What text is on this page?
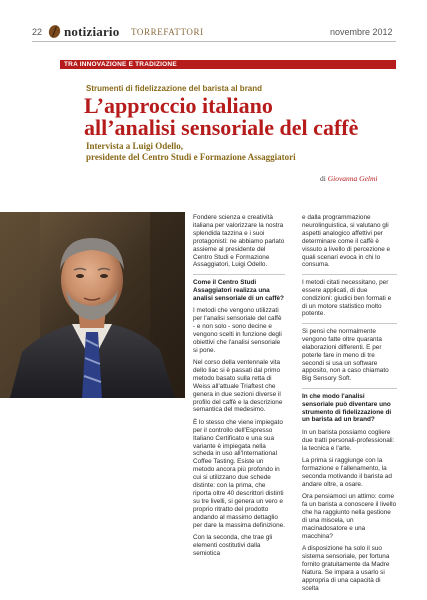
22 notiziario TORREFATTORI	novembre 2012
TRA INNOVAZIONE E TRADIZIONE
Strumenti di fidelizzazione del barista al brand
L’approccio italiano
all’analisi sensoriale del caffè
Intervista a Luigi Odello,
presidente del Centro Studi e Formazione Assaggiatori
di Giovanna Gelmi

Fondere scienza e creatività italiana per valorizzare la nostra splendida tazzina e i suoi protagonisti: ne abbiamo parlato assieme al presidente del Centro Studi e Formazione Assaggiatori, Luigi Odello.

Come il Centro Studi Assaggiatori realizza una analisi sensoriale di un caffè?

I metodi che vengono utilizzati per l'analisi sensoriale del caffè - e non solo - sono decine e vengono scelti in funzione degli obiettivi che l'analisi sensoriale si pone.

Nel corso della ventennale vita dello Iiac si è passati dal primo metodo basato sulla retta di Weiss all'attuale Triaftest che genera in due sezioni diverse il profilo del caffè e la descrizione semantica del medesimo.

È lo stesso che viene impiegato per il controllo dell'Espresso Italiano Certificato e una sua variante è impiegata nella scheda in uso all'International Coffee Tasting. Esiste un metodo ancora più profondo in cui si utilizzano due schede distinte: con la prima, che riporta oltre 40 descrittori distinti su tre livelli, si genera un vero e proprio ritratto del prodotto andando al massimo dettaglio per dare la massima definizione.

Con la seconda, che trae gli elementi costitutivi dalla semiotica

e dalla programmazione neurolinguistica, si valutano gli aspetti analogico affettivi per determinare come il caffè è vissuto a livello di percezione e quali scenari evoca in chi lo consuma.

I metodi citati necessitano, per essere applicati, di due condizioni: giudici ben formati e di un motore statistico molto potente.

Si pensi che normalmente vengono fatte oltre quaranta elaborazioni differenti. E per poterle fare in meno di tre secondi si usa un software apposito, non a caso chiamato Big Sensory Soft.

In che modo l'analisi sensoriale può diventare uno strumento di fidelizzazione di un barista ad un brand?

In un barista possiamo cogliere due tratti personali-professionali: la tecnica e l'arte.

La prima si raggiunge con la formazione e l'allenamento, la seconda motivando il barista ad andare oltre, a osare.

Ora pensiamoci un attimo: come fa un barista a conoscere il livello che ha raggiunto nella gestione di una miscela, un macinadosatore e una macchina?

A disposizione ha solo il suo sistema sensoriale, per fortuna fornito gratuitamente da Madre Natura. Se impara a usarlo si appropria di una capacità di scelta
